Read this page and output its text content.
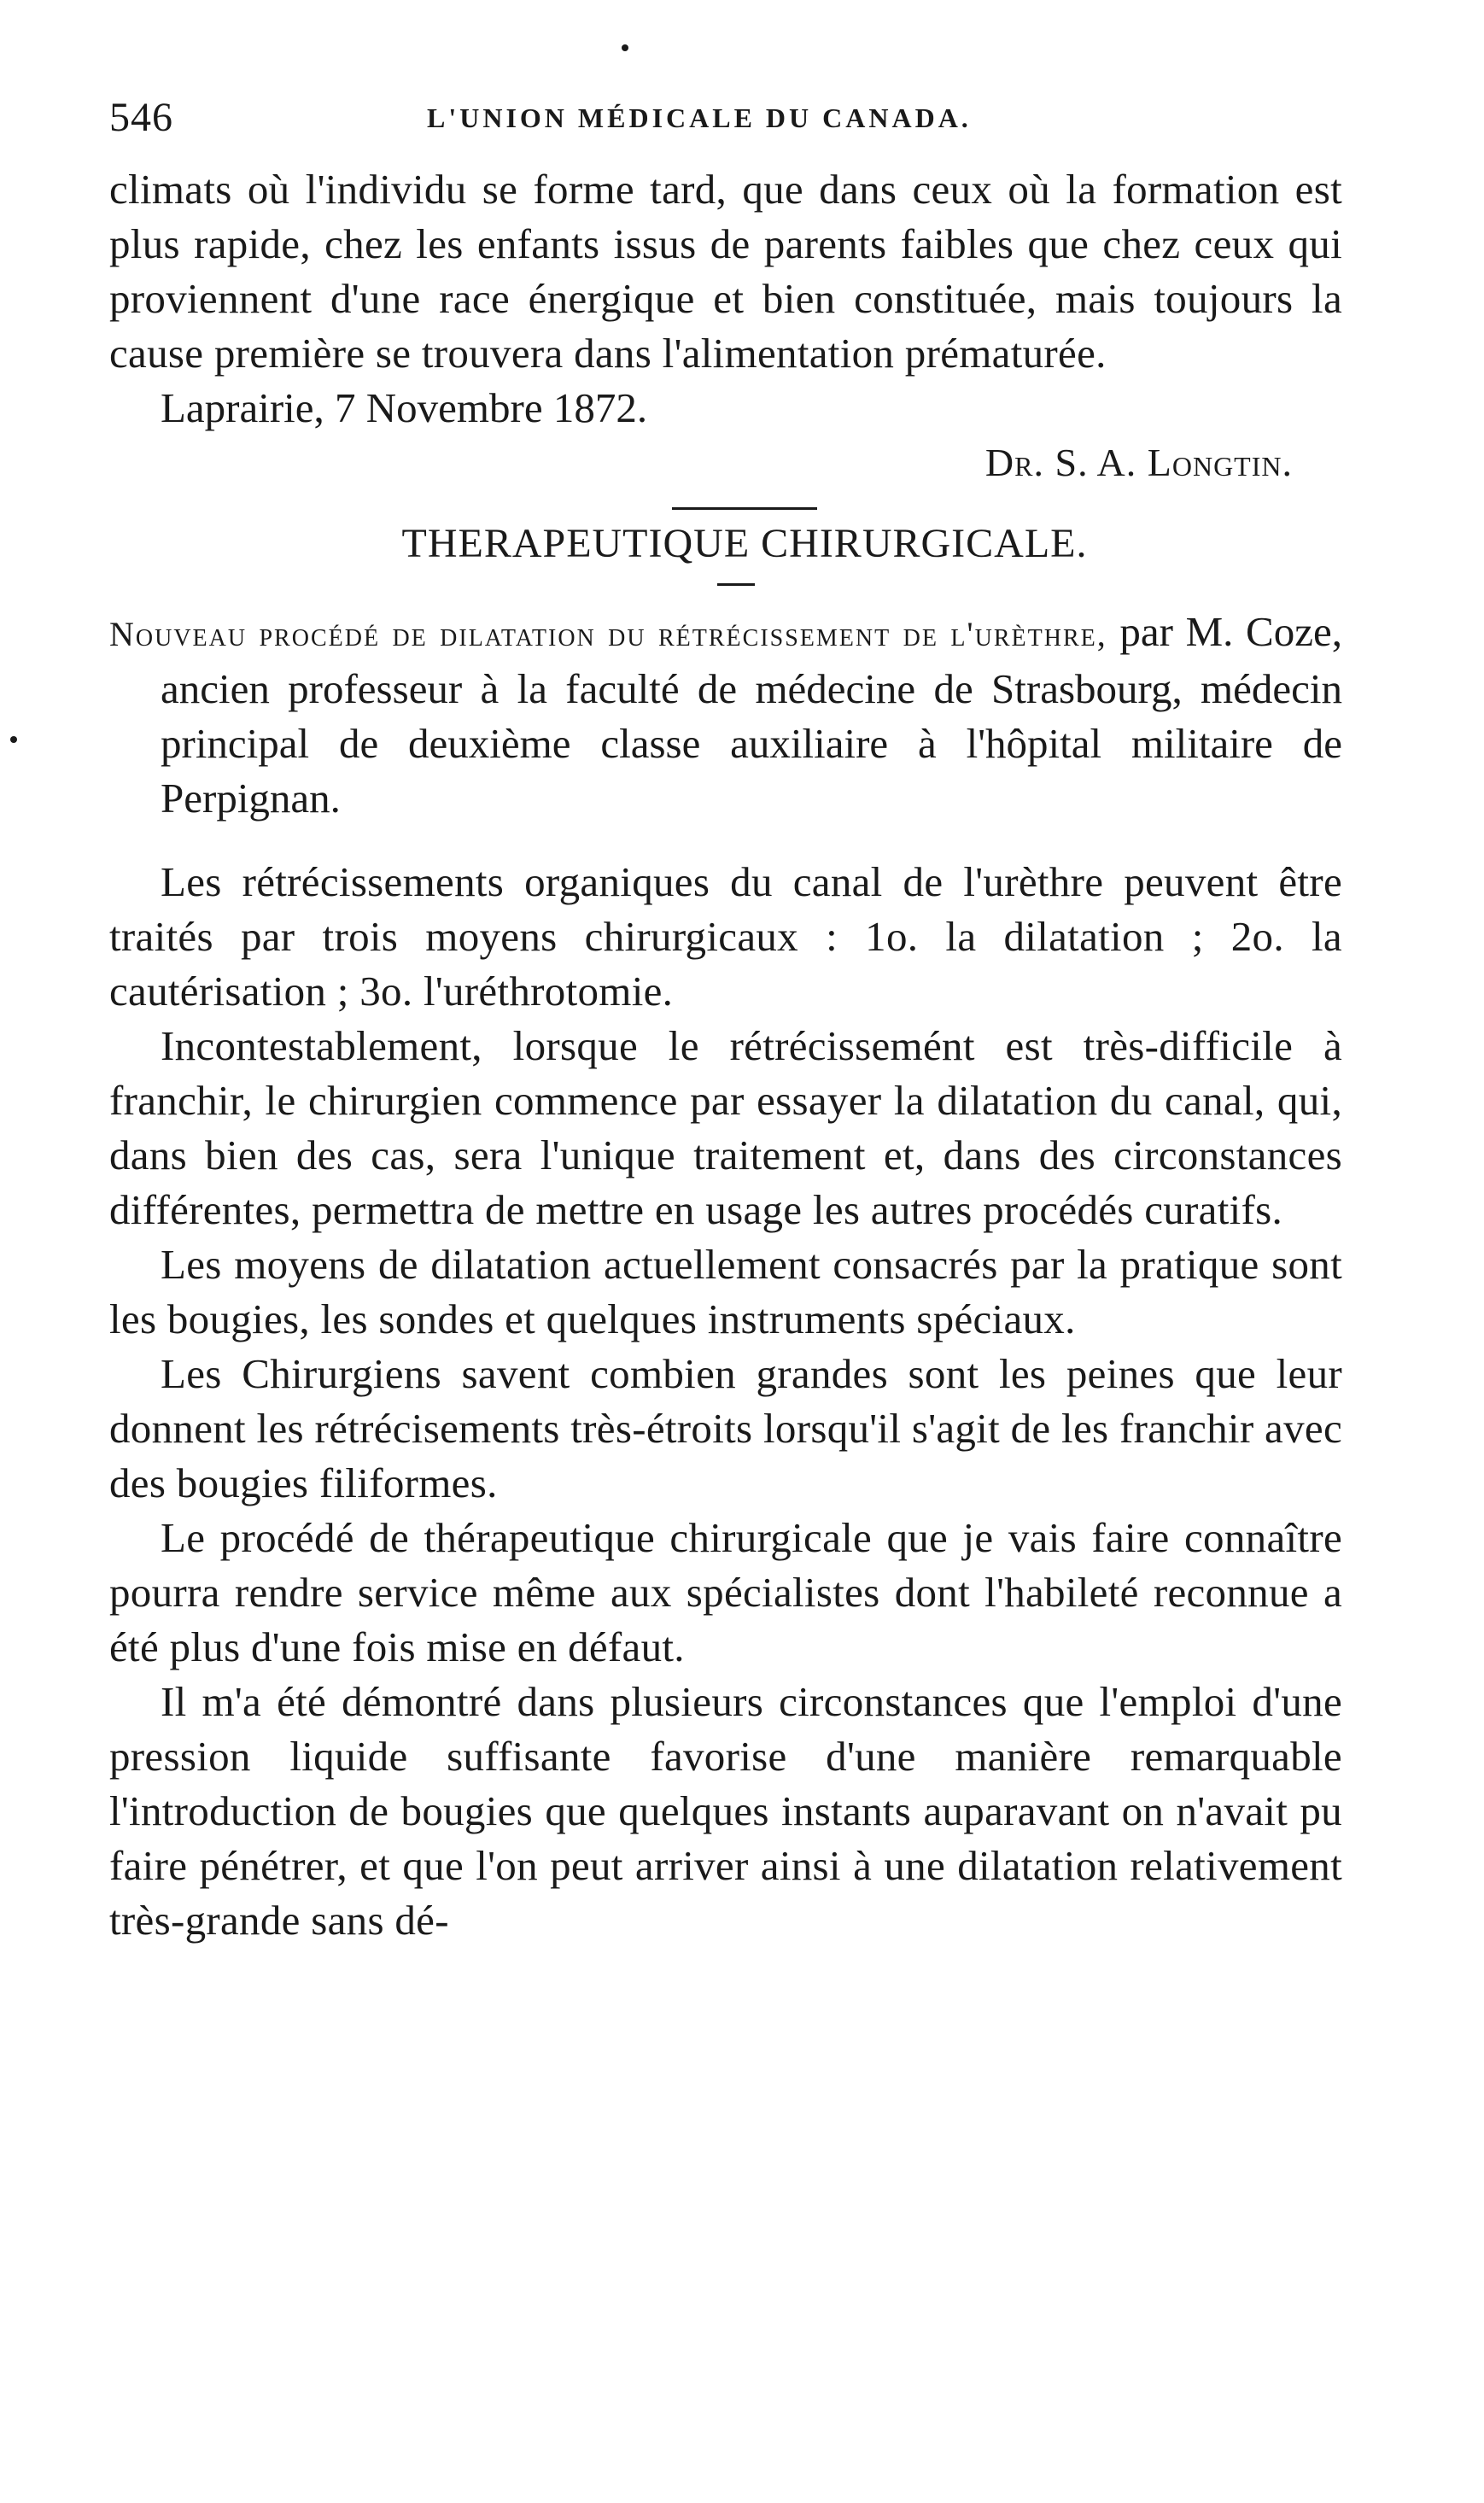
546	L'UNION MÉDICALE DU CANADA.

climats où l'individu se forme tard, que dans ceux où la formation est plus rapide, chez les enfants issus de parents faibles que chez ceux qui proviennent d'une race énergique et bien constituée, mais toujours la cause première se trouvera dans l'alimentation prématurée.

Laprairie, 7 Novembre 1872.

Dr. S. A. Longtin.

THERAPEUTIQUE CHIRURGICALE.

Nouveau procédé de dilatation du rétrécissement de l'urèthre, par M. Coze, ancien professeur à la faculté de médecine de Strasbourg, médecin principal de deuxième classe auxiliaire à l'hôpital militaire de Perpignan.

Les rétrécissements organiques du canal de l'urèthre peuvent être traités par trois moyens chirurgicaux : 1o. la dilatation ; 2o. la cautérisation ; 3o. l'uréthrotomie.

Incontestablement, lorsque le rétrécissemént est très-difficile à franchir, le chirurgien commence par essayer la dilatation du canal, qui, dans bien des cas, sera l'unique traitement et, dans des circonstances différentes, permettra de mettre en usage les autres procédés curatifs.

Les moyens de dilatation actuellement consacrés par la pratique sont les bougies, les sondes et quelques instruments spéciaux.

Les Chirurgiens savent combien grandes sont les peines que leur donnent les rétrécisements très-étroits lorsqu'il s'agit de les franchir avec des bougies filiformes.

Le procédé de thérapeutique chirurgicale que je vais faire connaître pourra rendre service même aux spécialistes dont l'habileté reconnue a été plus d'une fois mise en défaut.

Il m'a été démontré dans plusieurs circonstances que l'emploi d'une pression liquide suffisante favorise d'une manière remarquable l'introduction de bougies que quelques instants auparavant on n'avait pu faire pénétrer, et que l'on peut arriver ainsi à une dilatation relativement très-grande sans dé-
